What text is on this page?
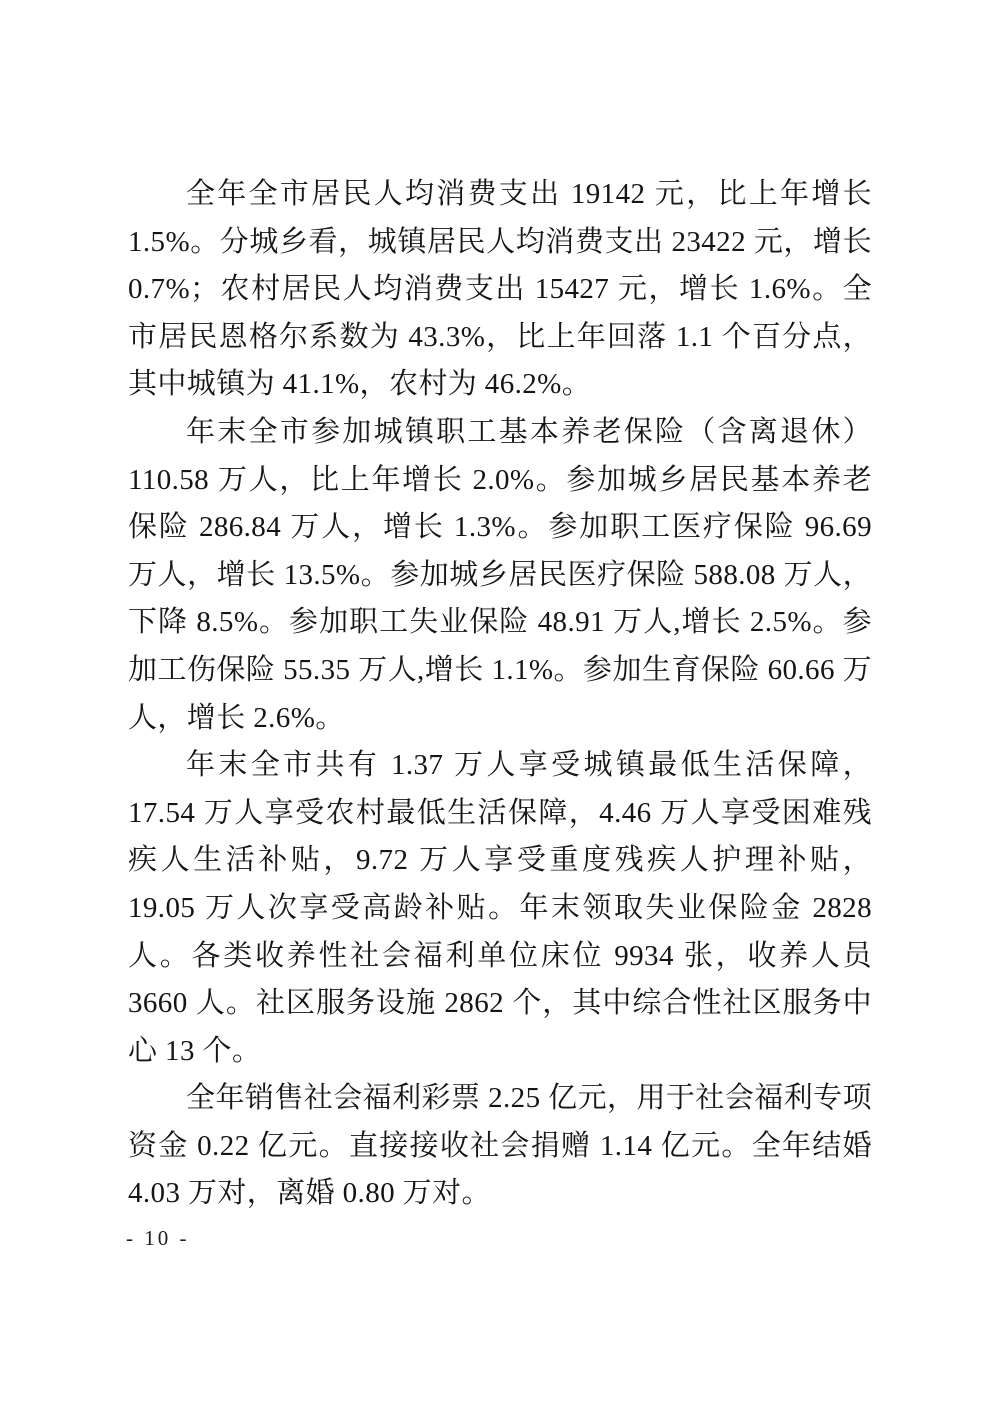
全年全市居民人均消费支出 19142 元，比上年增长 1.5%。分城乡看，城镇居民人均消费支出 23422 元，增长 0.7%；农村居民人均消费支出 15427 元，增长 1.6%。全市居民恩格尔系数为 43.3%，比上年回落 1.1 个百分点，其中城镇为 41.1%，农村为 46.2%。

年末全市参加城镇职工基本养老保险（含离退休）110.58 万人，比上年增长 2.0%。参加城乡居民基本养老保险 286.84 万人，增长 1.3%。参加职工医疗保险 96.69 万人，增长 13.5%。参加城乡居民医疗保险 588.08 万人，下降 8.5%。参加职工失业保险 48.91 万人,增长 2.5%。参加工伤保险 55.35 万人,增长 1.1%。参加生育保险 60.66 万人，增长 2.6%。

年末全市共有 1.37 万人享受城镇最低生活保障，17.54 万人享受农村最低生活保障，4.46 万人享受困难残疾人生活补贴，9.72 万人享受重度残疾人护理补贴，19.05 万人次享受高龄补贴。年末领取失业保险金 2828 人。各类收养性社会福利单位床位 9934 张，收养人员 3660 人。社区服务设施 2862 个，其中综合性社区服务中心 13 个。

全年销售社会福利彩票 2.25 亿元，用于社会福利专项资金 0.22 亿元。直接接收社会捐赠 1.14 亿元。全年结婚 4.03 万对，离婚 0.80 万对。

- 10 -
